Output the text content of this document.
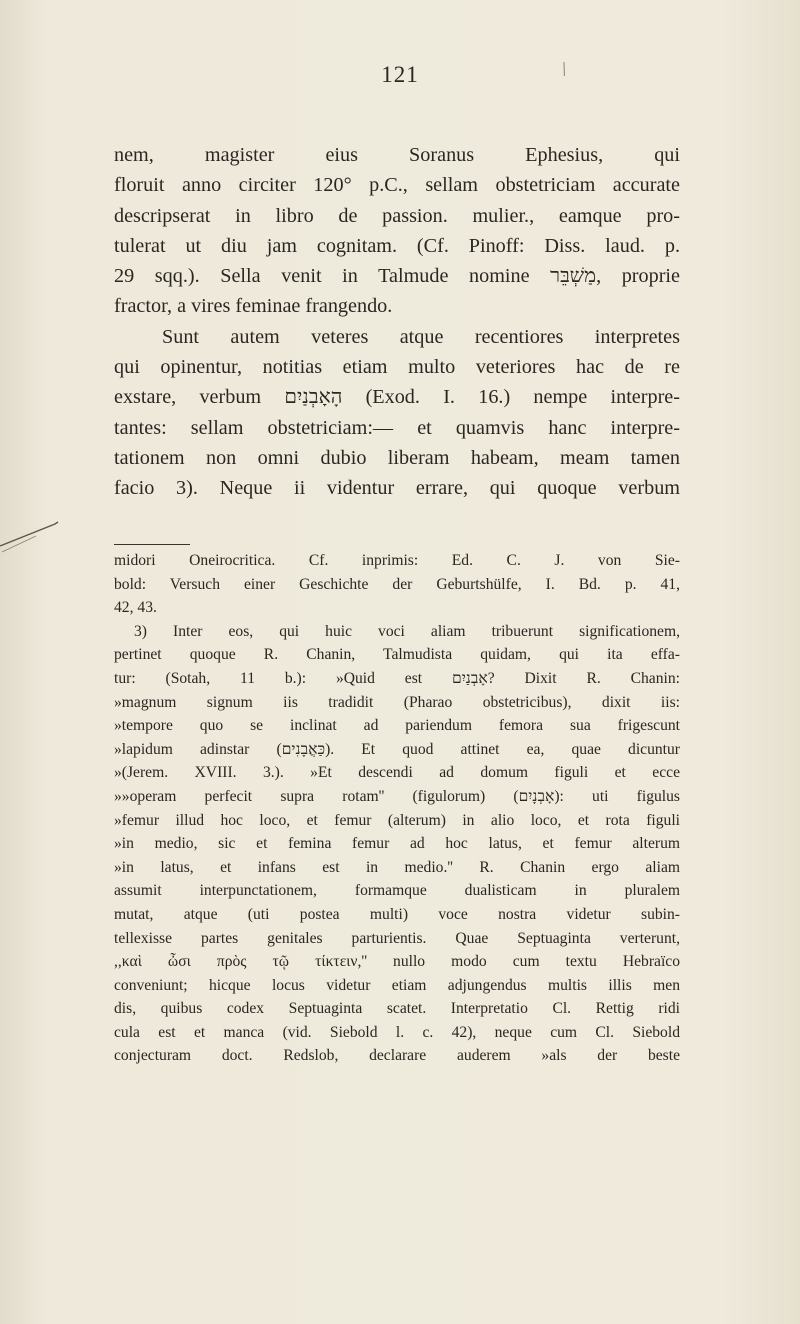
121
nem, magister eius Soranus Ephesius, qui
floruit anno circiter 120° p.C., sellam obstetriciam accurate
descripserat in libro de passion. mulier., eamque pro-
tulerat ut diu jam cognitam. (Cf. Pinoff: Diss. laud. p.
29 sqq.). Sella venit in Talmude nomine מַשְׁבֵּר, proprie
fractor, a vires feminae frangendo.
Sunt autem veteres atque recentiores interpretes
qui opinentur, notitias etiam multo veteriores hac de re
exstare, verbum הָאָבְנַיִם (Exod. I. 16.) nempe interpre-
tantes: sellam obstetriciam:— et quamvis hanc interpre-
tationem non omni dubio liberam habeam, meam tamen
facio 3). Neque ii videntur errare, qui quoque verbum
midori Oneirocritica. Cf. inprimis: Ed. C. J. von Sie-
bold: Versuch einer Geschichte der Geburtshülfe, I. Bd. p. 41,
42, 43.
3) Inter eos, qui huic voci aliam tribuerunt significationem,
pertinet quoque R. Chanin, Talmudista quidam, qui ita effa-
tur: (Sotah, 11 b.): »Quid est אָבְנַיִם? Dixit R. Chanin:
»magnum signum iis tradidit (Pharao obstetricibus), dixit iis:
»tempore quo se inclinat ad pariendum femora sua frigescunt
»lapidum adinstar (כַּאֲבָנִים). Et quod attinet ea, quae dicuntur
»(Jerem. XVIII. 3.). »Et descendi ad domum figuli et ecce
»»operam perfecit supra rotam'' (figulorum) (אָבְנָיִם): uti figulus
»femur illud hoc loco, et femur (alterum) in alio loco, et rota figuli
»in medio, sic et femina femur ad hoc latus, et femur alterum
»in latus, et infans est in medio.'' R. Chanin ergo aliam
assumit interpunctationem, formamque dualisticam in pluralem
mutat, atque (uti postea multi) voce nostra videtur subin-
tellexisse partes genitales parturientis. Quae Septuaginta verterunt,
,,καὶ ὦσι πρὸς τῷ τίκτειν,'' nullo modo cum textu Hebraïco
conveniunt; hicque locus videtur etiam adjungendus multis illis men
dis, quibus codex Septuaginta scatet. Interpretatio Cl. Rettig ridi
cula est et manca (vid. Siebold l. c. 42), neque cum Cl. Siebold
conjecturam doct. Redslob, declarare auderem »als der beste
